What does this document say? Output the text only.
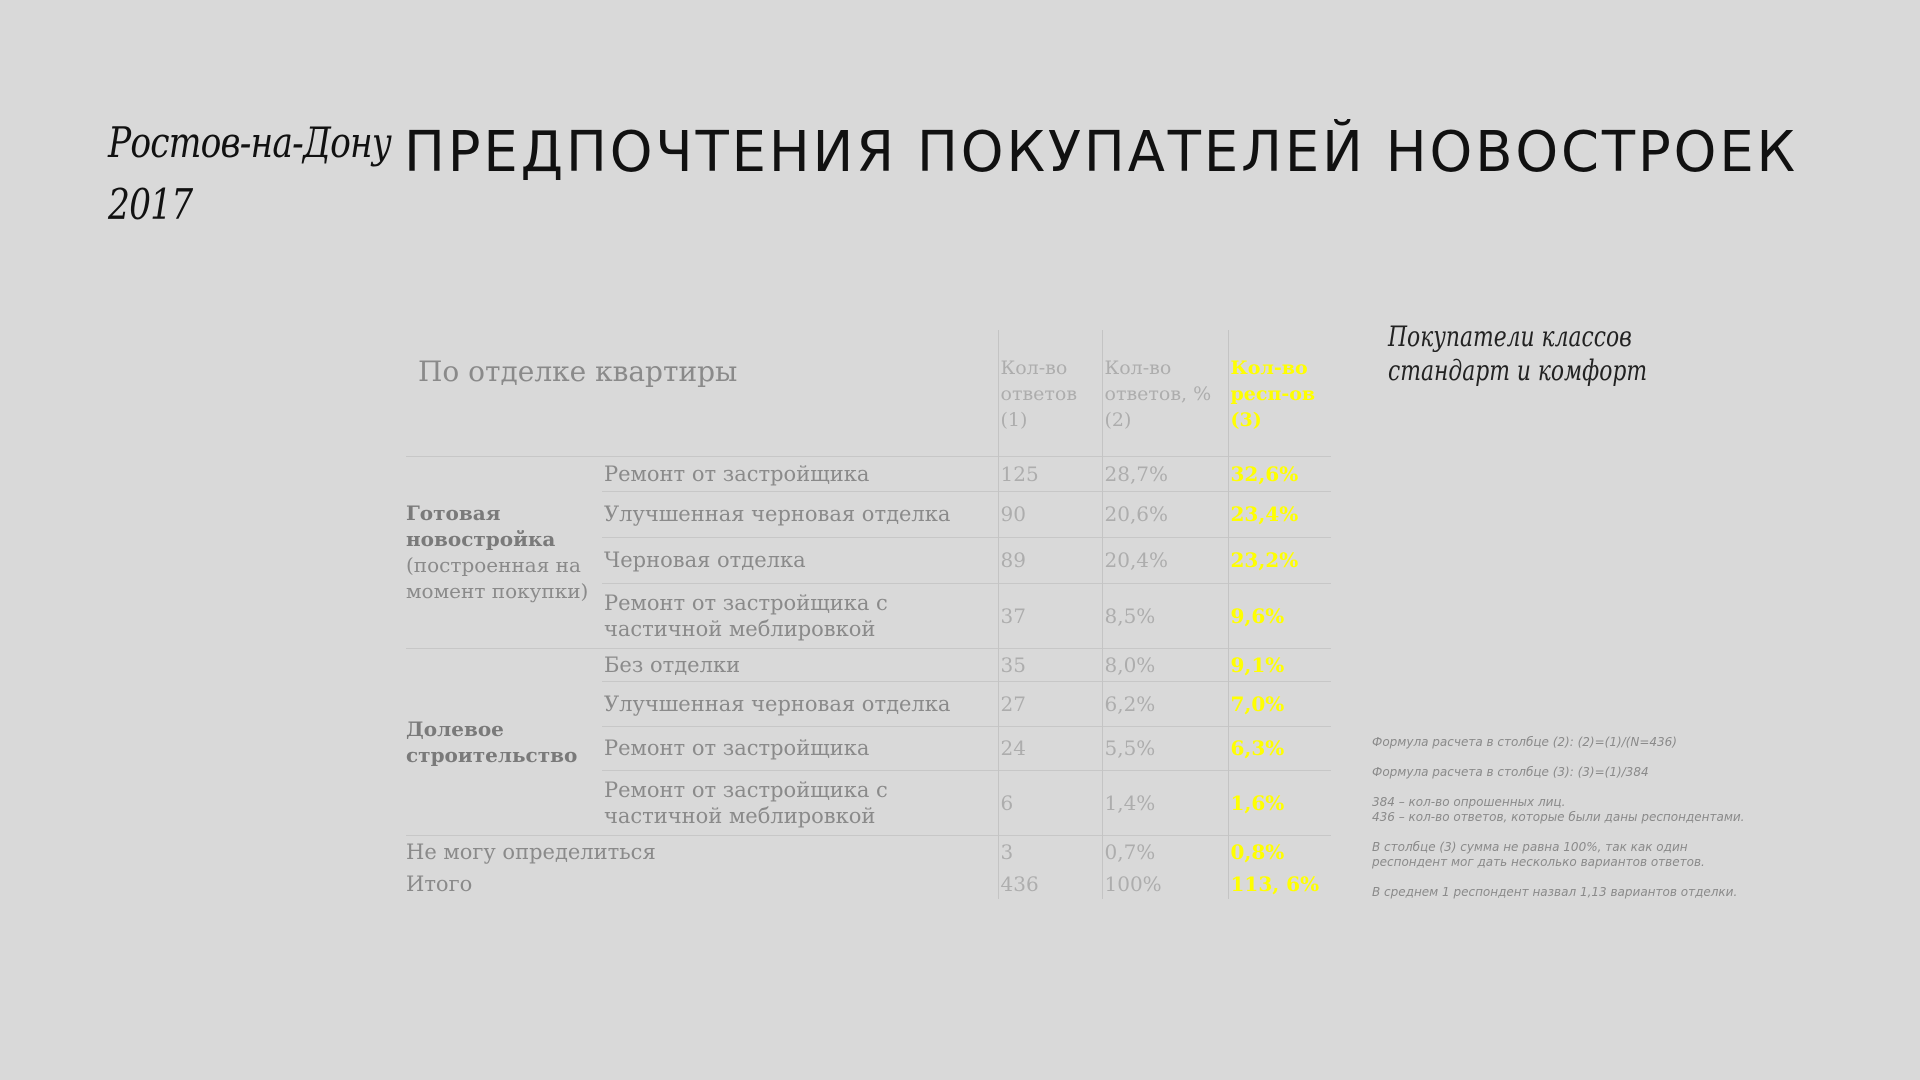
Ростов-на-Дону
2017
ПРЕДПОЧТЕНИЯ ПОКУПАТЕЛЕЙ НОВОСТРОЕК
Покупатели классов
стандарт и комфорт
По отделке квартиры		Кол-во ответов (1)	Кол-во ответов, % (2)	Кол-во респ-ов (3)
Готовая новостройка
(построенная на момент покупки)	Ремонт от застройщика	125	28,7%	32,6%
	Улучшенная черновая отделка	90	20,6%	23,4%
	Черновая отделка	89	20,4%	23,2%
	Ремонт от застройщика с частичной меблировкой	37	8,5%	9,6%
Долевое строительство	Без отделки	35	8,0%	9,1%
	Улучшенная черновая отделка	27	6,2%	7,0%
	Ремонт от застройщика	24	5,5%	6,3%
	Ремонт от застройщика с частичной меблировкой	6	1,4%	1,6%
Не могу определиться		3	0,7%	0,8%
Итого		436	100%	113, 6%
Формула расчета в столбце (2): (2)=(1)/(N=436)
Формула расчета в столбце (3): (3)=(1)/384
384 – кол-во опрошенных лиц.
436 – кол-во ответов, которые были даны респондентами.
В столбце (3) сумма не равна 100%, так как один
респондент мог дать несколько вариантов ответов.
В среднем 1 респондент назвал 1,13 вариантов отделки.
